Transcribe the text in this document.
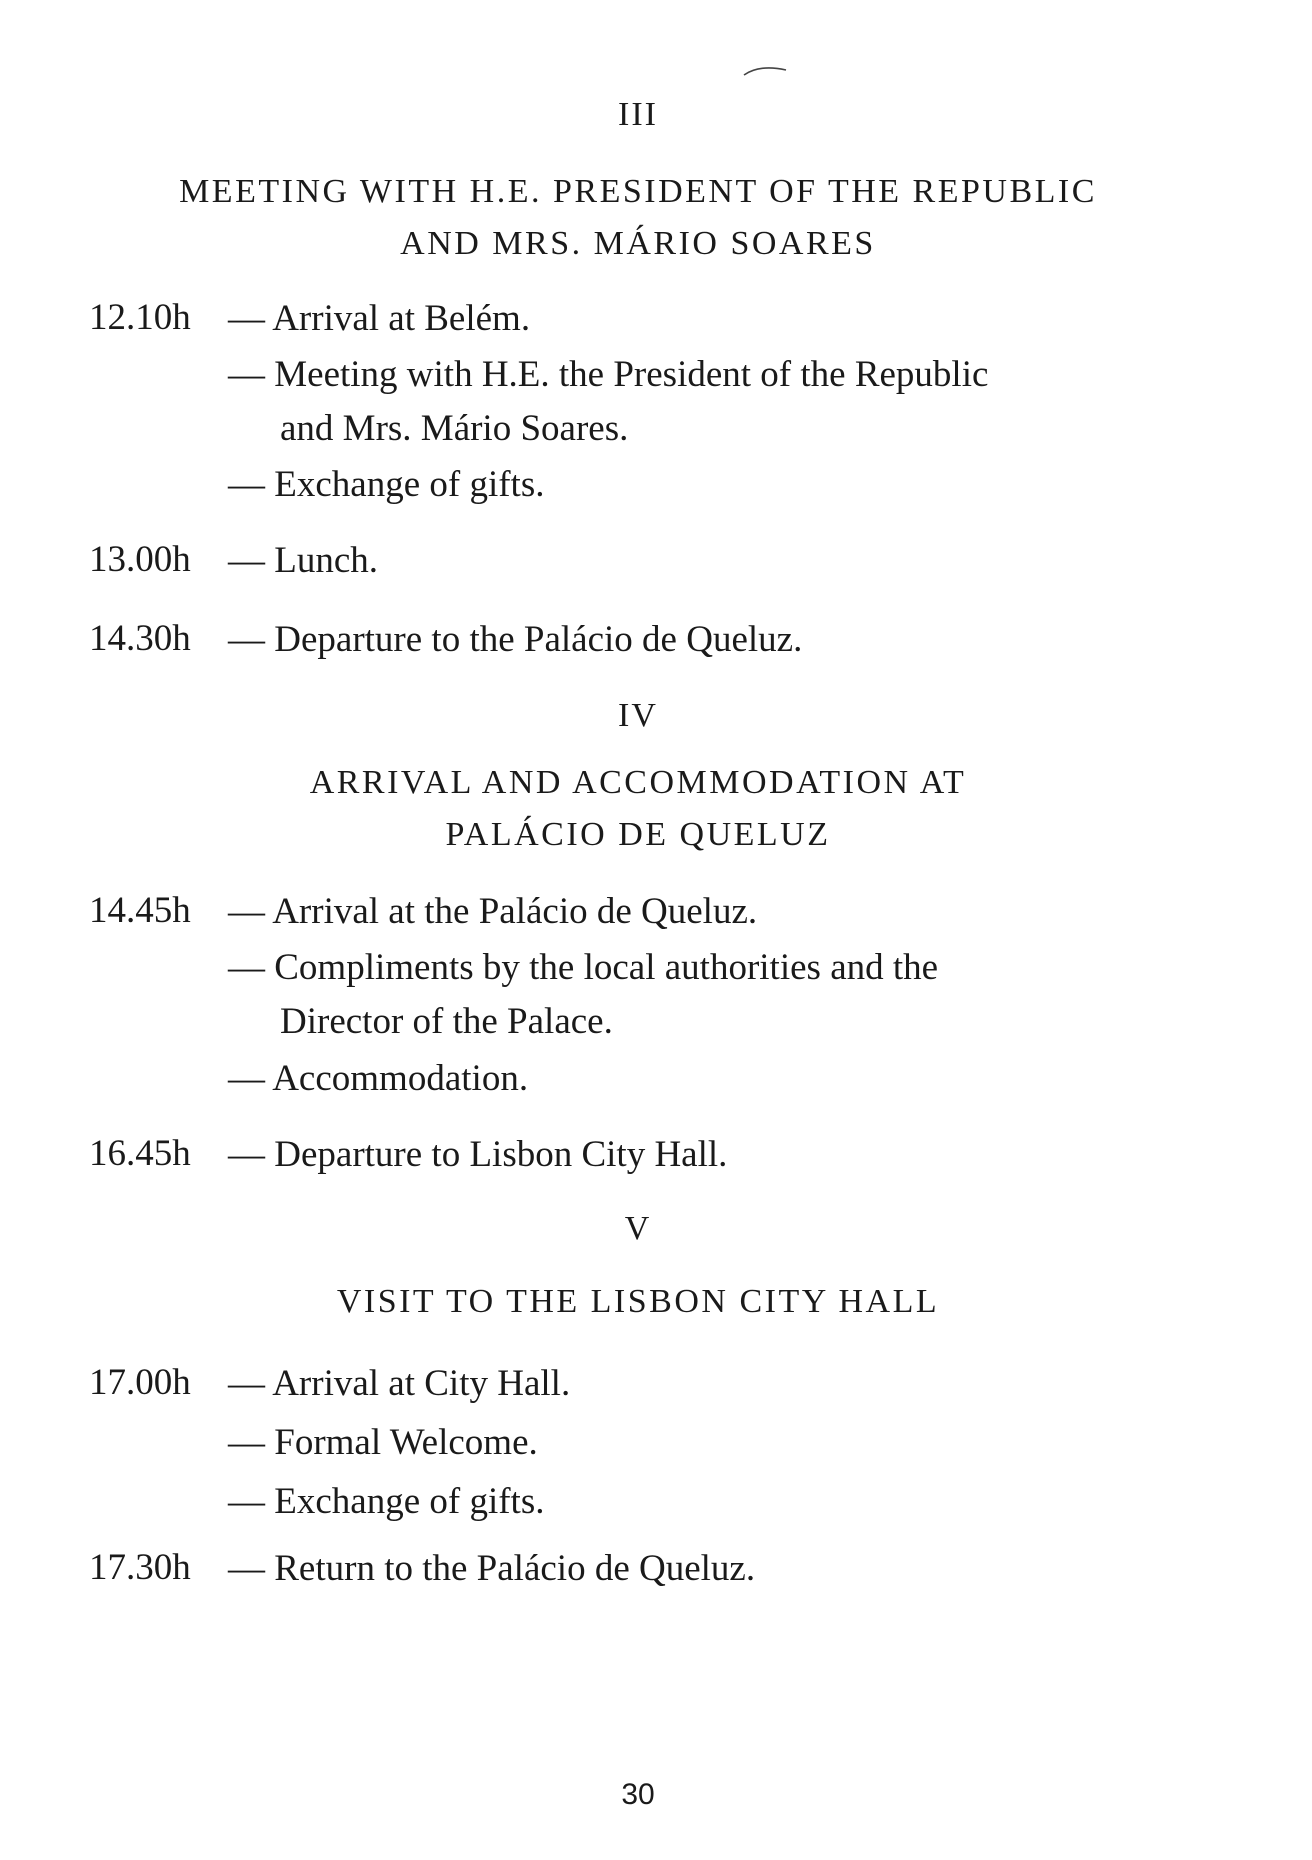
III
MEETING WITH H.E. PRESIDENT OF THE REPUBLIC
AND MRS. MÁRIO SOARES
12.10h — Arrival at Belém.
— Meeting with H.E. the President of the Republic
and Mrs. Mário Soares.
— Exchange of gifts.
13.00h — Lunch.
14.30h — Departure to the Palácio de Queluz.
IV
ARRIVAL AND ACCOMMODATION AT
PALÁCIO DE QUELUZ
14.45h — Arrival at the Palácio de Queluz.
— Compliments by the local authorities and the
Director of the Palace.
— Accommodation.
16.45h — Departure to Lisbon City Hall.
V
VISIT TO THE LISBON CITY HALL
17.00h — Arrival at City Hall.
— Formal Welcome.
— Exchange of gifts.
17.30h — Return to the Palácio de Queluz.
30
